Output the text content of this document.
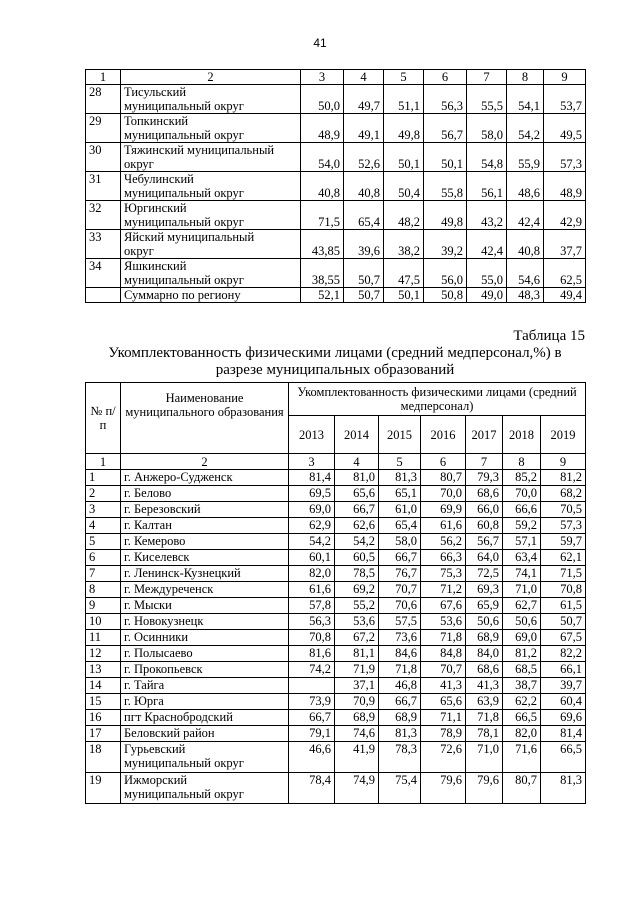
41
1	2	3	4	5	6	7	8	9
28	Тисульский
муниципальный округ	50,0	49,7	51,1	56,3	55,5	54,1	53,7
29	Топкинский
муниципальный округ	48,9	49,1	49,8	56,7	58,0	54,2	49,5
30	Тяжинский муниципальный
округ	54,0	52,6	50,1	50,1	54,8	55,9	57,3
31	Чебулинский
муниципальный округ	40,8	40,8	50,4	55,8	56,1	48,6	48,9
32	Юргинский
муниципальный округ	71,5	65,4	48,2	49,8	43,2	42,4	42,9
33	Яйский муниципальный
округ	43,85	39,6	38,2	39,2	42,4	40,8	37,7
34	Яшкинский
муниципальный округ	38,55	50,7	47,5	56,0	55,0	54,6	62,5

	Суммарно по региону	52,1	50,7	50,1	50,8	49,0	48,3	49,4
Таблица 15
Укомплектованность физическими лицами (средний медперсонал,%) в
разрезе муниципальных образований
№ п/п	Наименование муниципального образования	Укомплектованность физическими лицами (средний медперсонал)						
		2013	2014	2015	2016	2017	2018	2019
1	2	3	4	5	6	7	8	9
1	г. Анжеро-Судженск	81,4	81,0	81,3	80,7	79,3	85,2	81,2
2	г. Белово	69,5	65,6	65,1	70,0	68,6	70,0	68,2
3	г. Березовский	69,0	66,7	61,0	69,9	66,0	66,6	70,5
4	г. Калтан	62,9	62,6	65,4	61,6	60,8	59,2	57,3
5	г. Кемерово	54,2	54,2	58,0	56,2	56,7	57,1	59,7
6	г. Киселевск	60,1	60,5	66,7	66,3	64,0	63,4	62,1
7	г. Ленинск-Кузнецкий	82,0	78,5	76,7	75,3	72,5	74,1	71,5
8	г. Междуреченск	61,6	69,2	70,7	71,2	69,3	71,0	70,8
9	г. Мыски	57,8	55,2	70,6	67,6	65,9	62,7	61,5
10	г. Новокузнецк	56,3	53,6	57,5	53,6	50,6	50,6	50,7
11	г. Осинники	70,8	67,2	73,6	71,8	68,9	69,0	67,5
12	г. Полысаево	81,6	81,1	84,6	84,8	84,0	81,2	82,2
13	г. Прокопьевск	74,2	71,9	71,8	70,7	68,6	68,5	66,1
14	г. Тайга		37,1	46,8	41,3	41,3	38,7	39,7
15	г. Юрга	73,9	70,9	66,7	65,6	63,9	62,2	60,4
16	пгт Краснобродский	66,7	68,9	68,9	71,1	71,8	66,5	69,6
17	Беловский район	79,1	74,6	81,3	78,9	78,1	82,0	81,4
18	Гурьевский
муниципальный округ	46,6	41,9	78,3	72,6	71,0	71,6	66,5
19	Ижморский
муниципальный округ	78,4	74,9	75,4	79,6	79,6	80,7	81,3
